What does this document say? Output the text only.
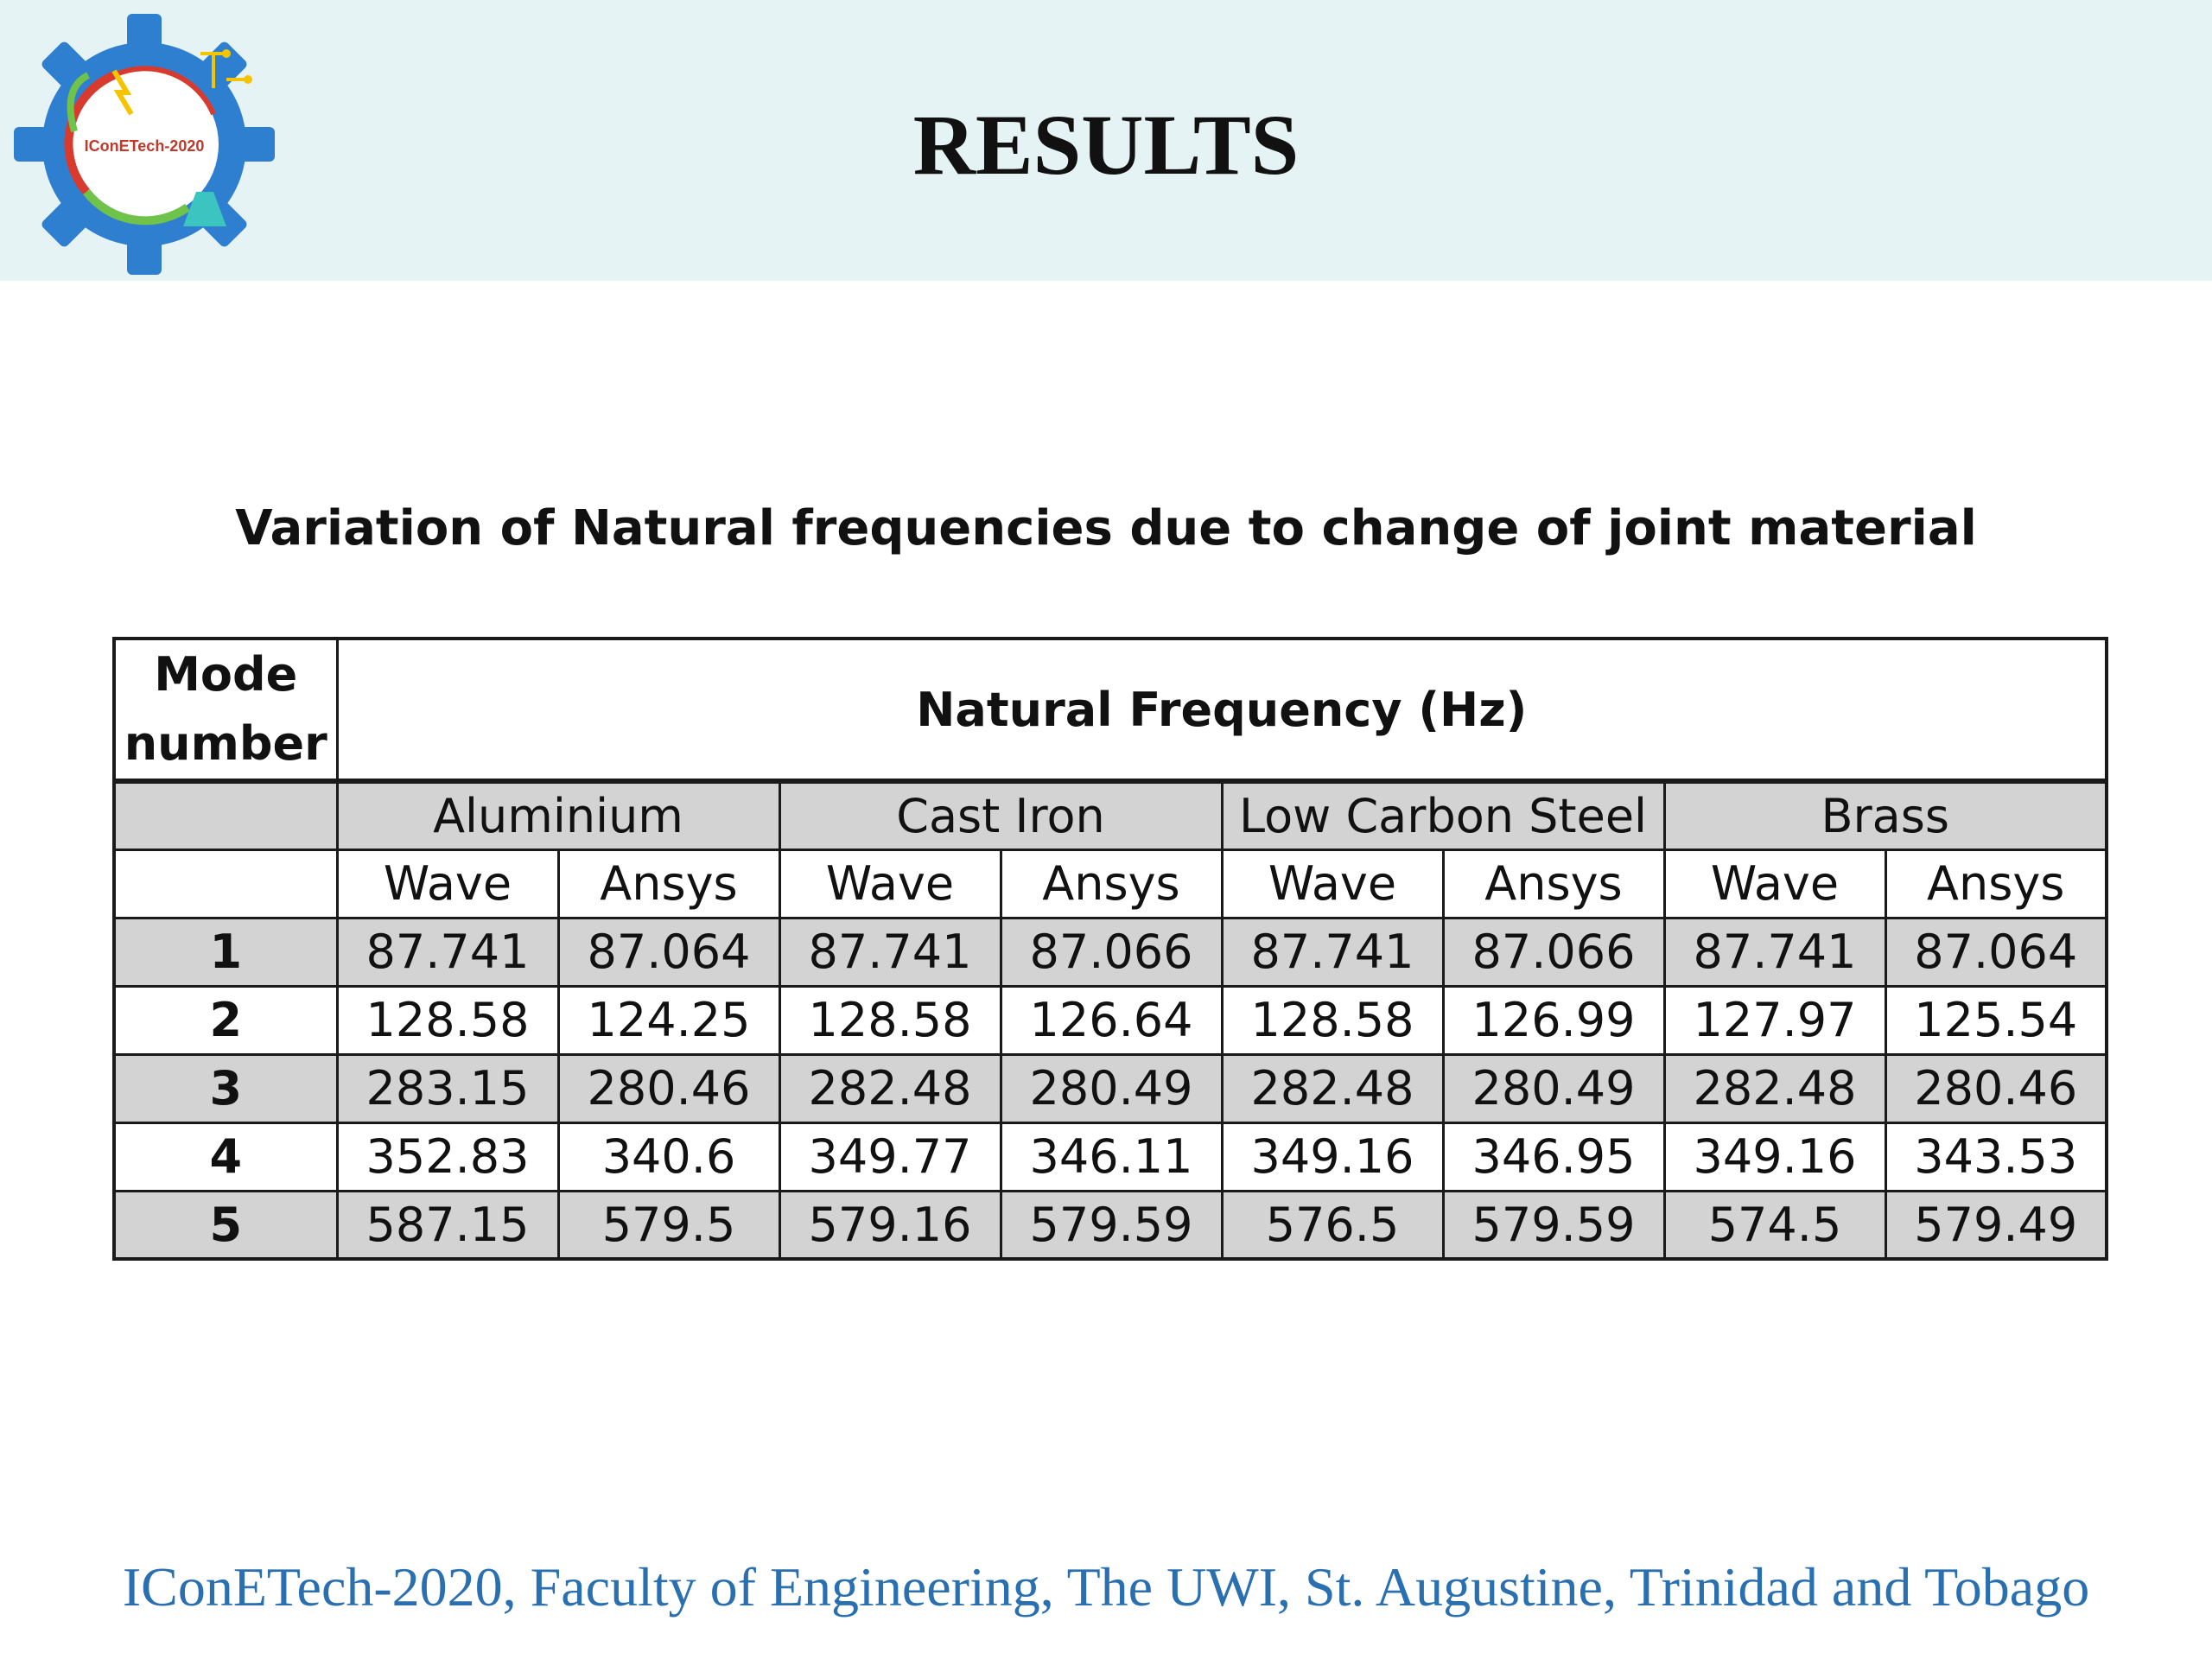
IConETech-2020	RESULTS
Variation of Natural frequencies due to change of joint material
Mode
number	Natural Frequency (Hz)							
	Aluminium		Cast Iron		Low Carbon Steel		Brass	
	Wave	Ansys	Wave	Ansys	Wave	Ansys	Wave	Ansys
1	87.741	87.064	87.741	87.066	87.741	87.066	87.741	87.064
2	128.58	124.25	128.58	126.64	128.58	126.99	127.97	125.54
3	283.15	280.46	282.48	280.49	282.48	280.49	282.48	280.46
4	352.83	340.6	349.77	346.11	349.16	346.95	349.16	343.53
5	587.15	579.5	579.16	579.59	576.5	579.59	574.5	579.49
IConETech-2020, Faculty of Engineering, The UWI, St. Augustine, Trinidad and Tobago
